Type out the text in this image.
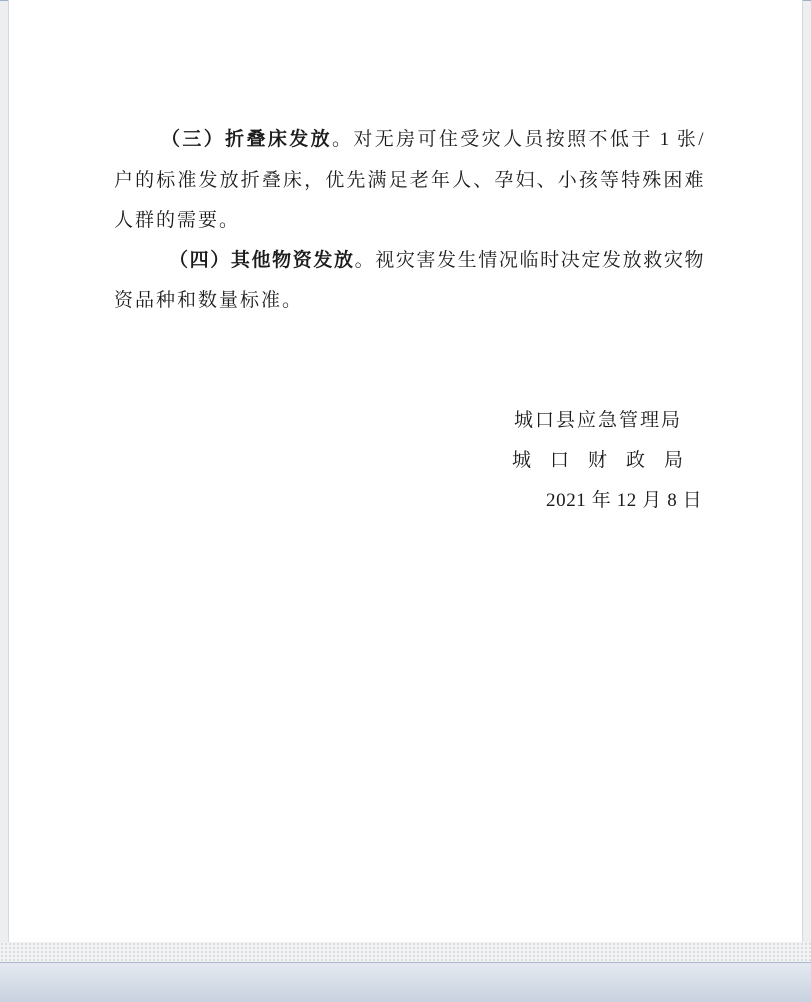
（三）折叠床发放。对无房可住受灾人员按照不低于 1 张/
户的标准发放折叠床，优先满足老年人、孕妇、小孩等特殊困难
人群的需要。
（四）其他物资发放。视灾害发生情况临时决定发放救灾物
资品种和数量标准。
城口县应急管理局
城　口　财　政　局
2021 年 12 月 8 日
